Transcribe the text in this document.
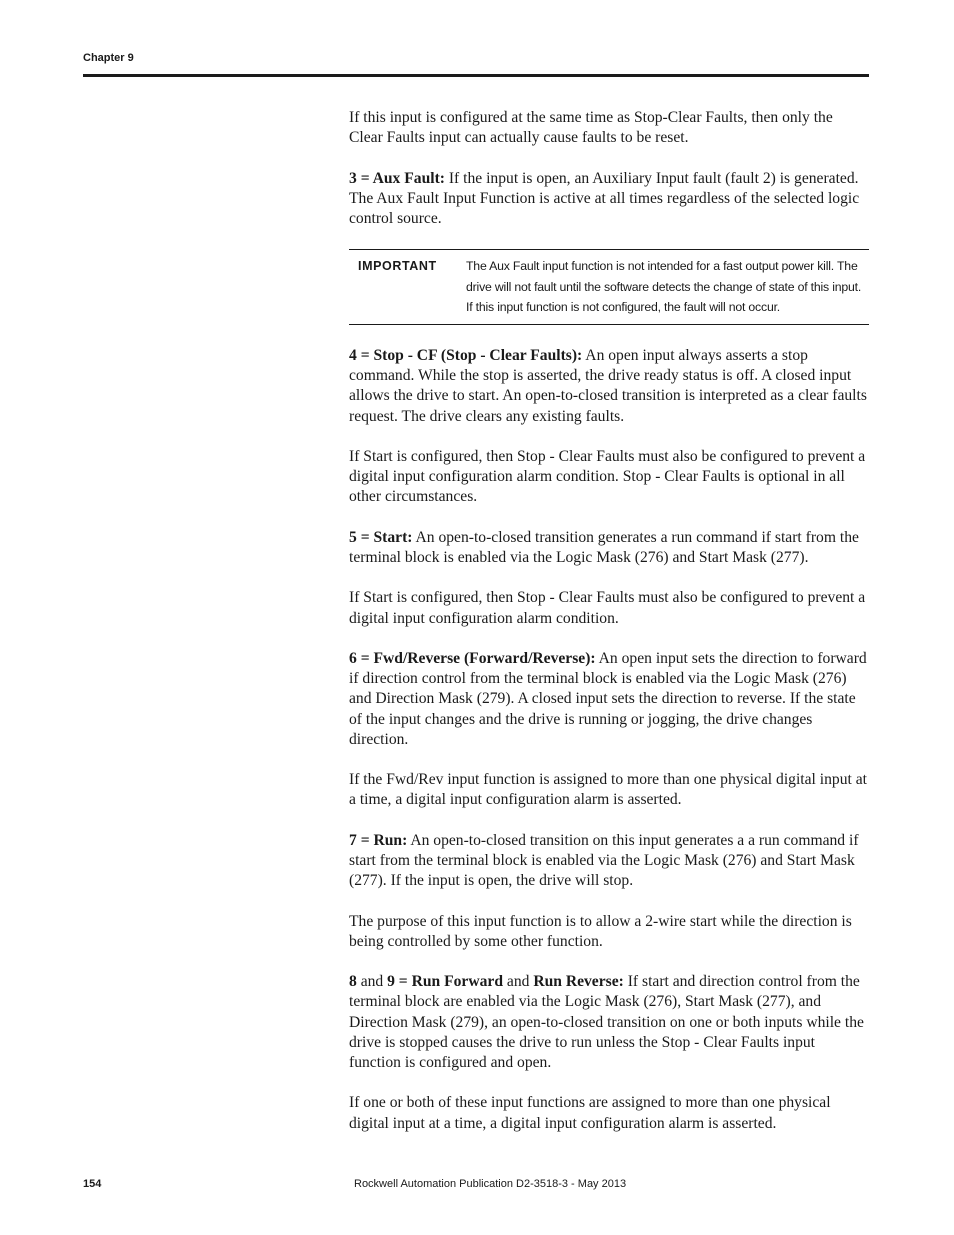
Chapter 9

If this input is configured at the same time as Stop-Clear Faults, then only the Clear Faults input can actually cause faults to be reset.

3 = Aux Fault: If the input is open, an Auxiliary Input fault (fault 2) is generated. The Aux Fault Input Function is active at all times regardless of the selected logic control source.

IMPORTANT	The Aux Fault input function is not intended for a fast output power kill. The drive will not fault until the software detects the change of state of this input. If this input function is not configured, the fault will not occur.

4 = Stop - CF (Stop - Clear Faults): An open input always asserts a stop command. While the stop is asserted, the drive ready status is off. A closed input allows the drive to start. An open-to-closed transition is interpreted as a clear faults request. The drive clears any existing faults.

If Start is configured, then Stop - Clear Faults must also be configured to prevent a digital input configuration alarm condition. Stop - Clear Faults is optional in all other circumstances.

5 = Start: An open-to-closed transition generates a run command if start from the terminal block is enabled via the Logic Mask (276) and Start Mask (277).

If Start is configured, then Stop - Clear Faults must also be configured to prevent a digital input configuration alarm condition.

6 = Fwd/Reverse (Forward/Reverse): An open input sets the direction to forward if direction control from the terminal block is enabled via the Logic Mask (276) and Direction Mask (279). A closed input sets the direction to reverse. If the state of the input changes and the drive is running or jogging, the drive changes direction.

If the Fwd/Rev input function is assigned to more than one physical digital input at a time, a digital input configuration alarm is asserted.

7 = Run: An open-to-closed transition on this input generates a a run command if start from the terminal block is enabled via the Logic Mask (276) and Start Mask (277). If the input is open, the drive will stop.

The purpose of this input function is to allow a 2-wire start while the direction is being controlled by some other function.

8 and 9 = Run Forward and Run Reverse: If start and direction control from the terminal block are enabled via the Logic Mask (276), Start Mask (277), and Direction Mask (279), an open-to-closed transition on one or both inputs while the drive is stopped causes the drive to run unless the Stop - Clear Faults input function is configured and open.

If one or both of these input functions are assigned to more than one physical digital input at a time, a digital input configuration alarm is asserted.

154	Rockwell Automation Publication D2-3518-3 - May 2013
